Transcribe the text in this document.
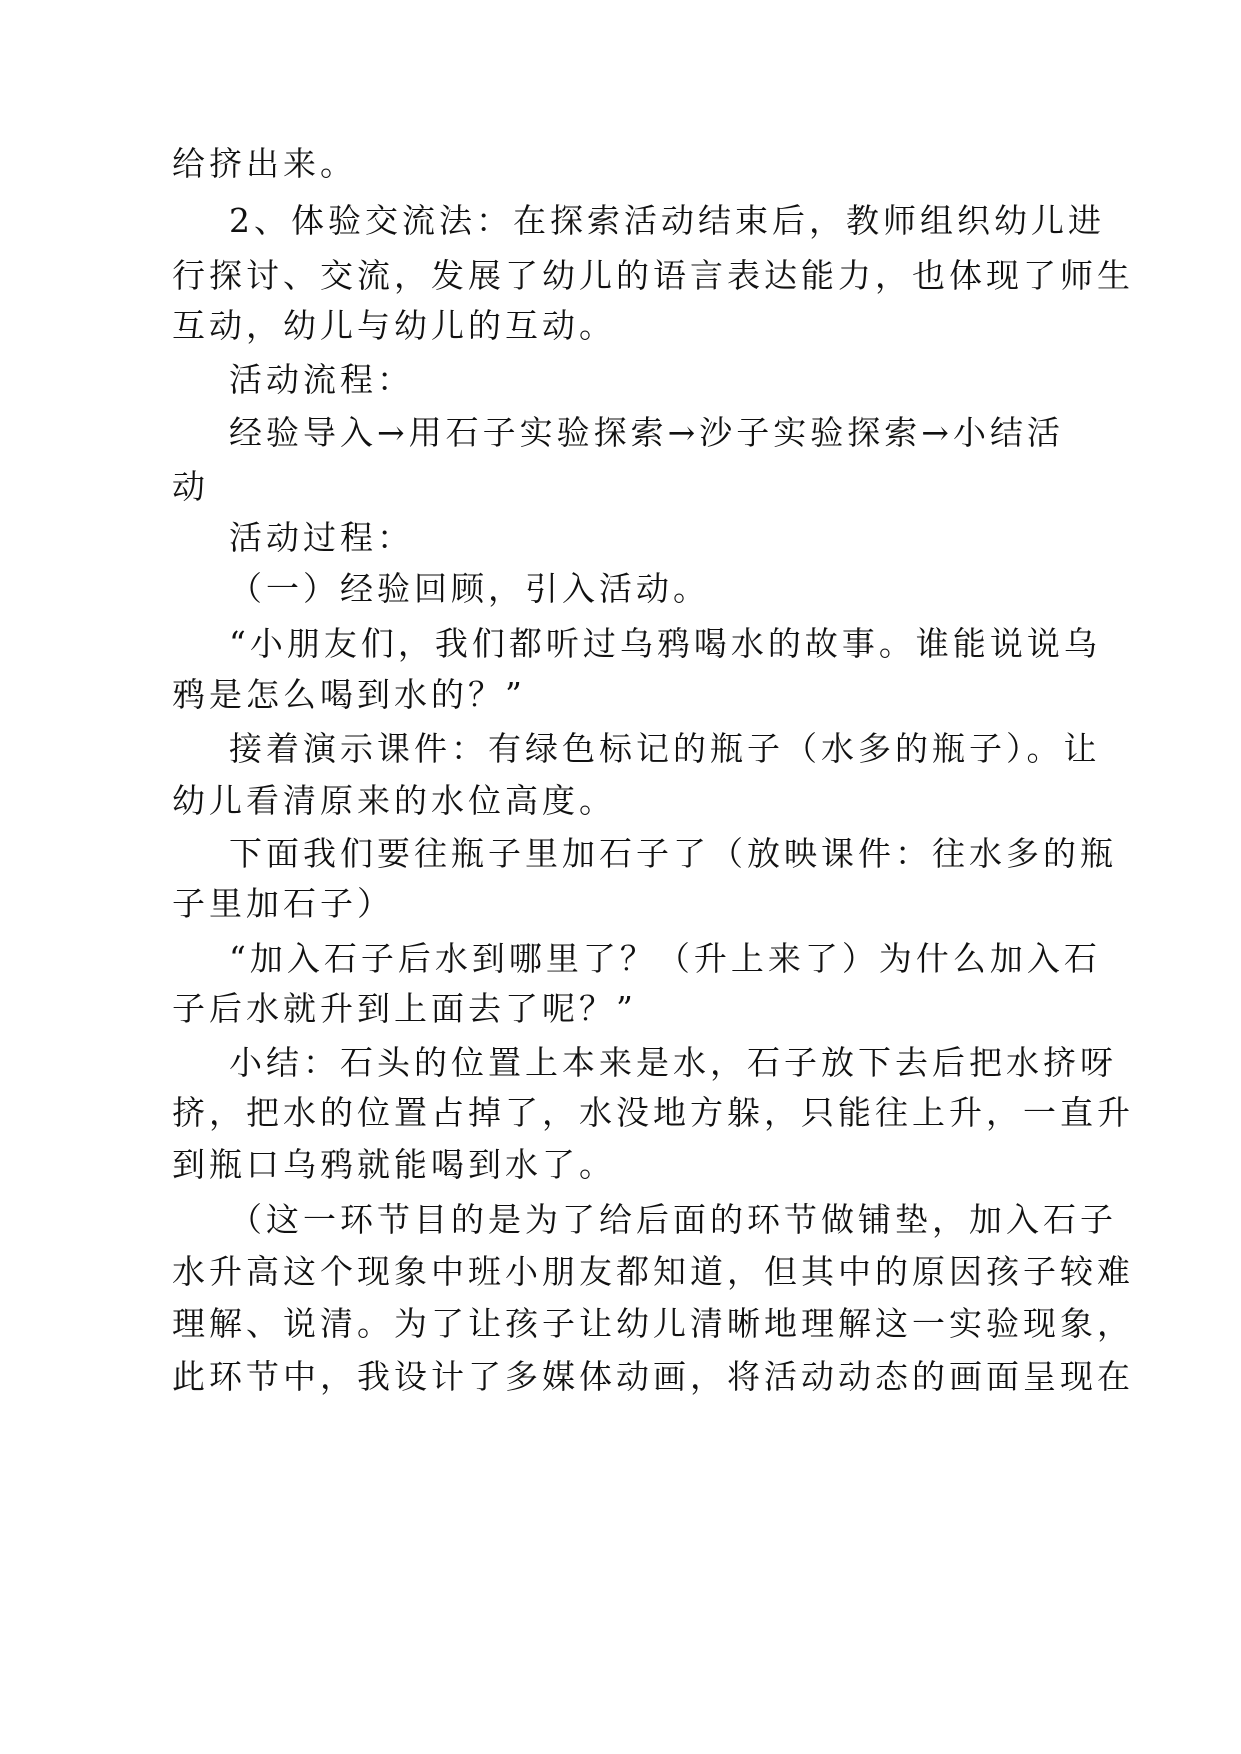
给挤出来。
2、体验交流法：在探索活动结束后，教师组织幼儿进
行探讨、交流，发展了幼儿的语言表达能力，也体现了师生
互动，幼儿与幼儿的互动。
活动流程：
经验导入→用石子实验探索→沙子实验探索→小结活
动
活动过程：
（一）经验回顾，引入活动。
“小朋友们，我们都听过乌鸦喝水的故事。谁能说说乌
鸦是怎么喝到水的？”
接着演示课件：有绿色标记的瓶子（水多的瓶子）。让
幼儿看清原来的水位高度。
下面我们要往瓶子里加石子了（放映课件：往水多的瓶
子里加石子）
“加入石子后水到哪里了？（升上来了）为什么加入石
子后水就升到上面去了呢？”
小结：石头的位置上本来是水，石子放下去后把水挤呀
挤，把水的位置占掉了，水没地方躲，只能往上升，一直升
到瓶口乌鸦就能喝到水了。
（这一环节目的是为了给后面的环节做铺垫，加入石子
水升高这个现象中班小朋友都知道，但其中的原因孩子较难
理解、说清。为了让孩子让幼儿清晰地理解这一实验现象，
此环节中，我设计了多媒体动画，将活动动态的画面呈现在
